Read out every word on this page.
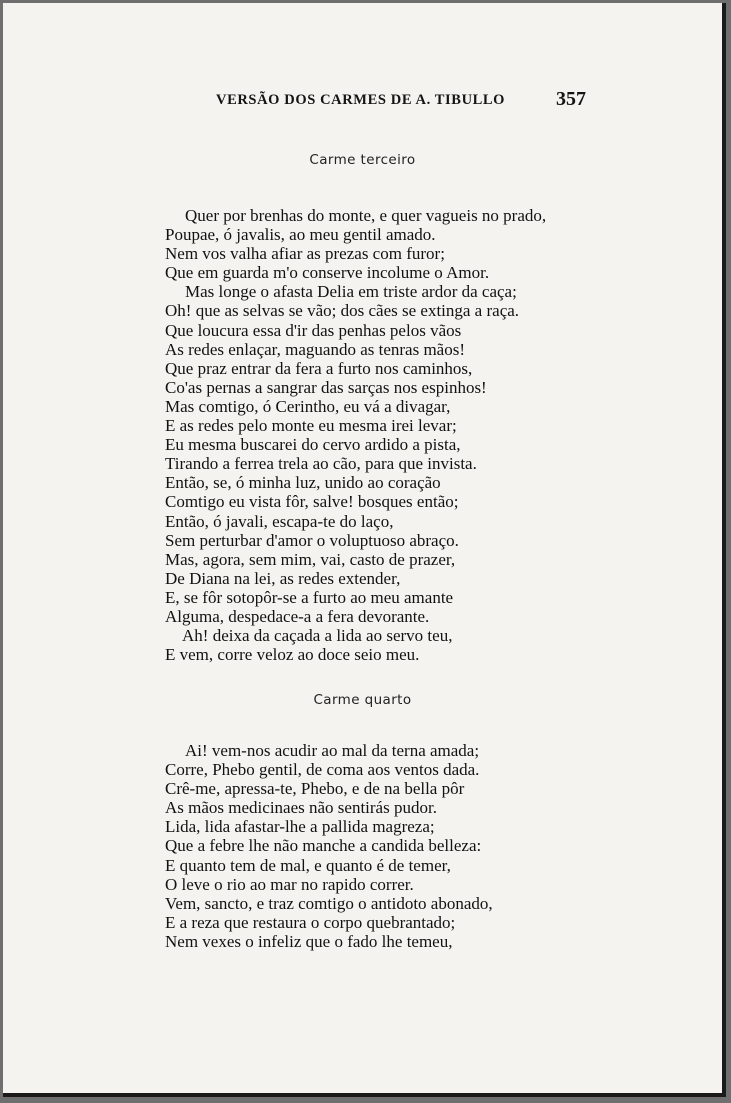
VERSÃO DOS CARMES DE A. TIBULLO	357
Carme terceiro
Quer por brenhas do monte, e quer vagueis no prado,
Poupae, ó javalis, ao meu gentil amado.
Nem vos valha afiar as prezas com furor;
Que em guarda m'o conserve incolume o Amor.
Mas longe o afasta Delia em triste ardor da caça;
Oh! que as selvas se vão; dos cães se extinga a raça.
Que loucura essa d'ir das penhas pelos vãos
As redes enlaçar, maguando as tenras mãos!
Que praz entrar da fera a furto nos caminhos,
Co'as pernas a sangrar das sarças nos espinhos!
Mas comtigo, ó Cerintho, eu vá a divagar,
E as redes pelo monte eu mesma irei levar;
Eu mesma buscarei do cervo ardido a pista,
Tirando a ferrea trela ao cão, para que invista.
Então, se, ó minha luz, unido ao coração
Comtigo eu vista fôr, salve! bosques então;
Então, ó javali, escapa-te do laço,
Sem perturbar d'amor o voluptuoso abraço.
Mas, agora, sem mim, vai, casto de prazer,
De Diana na lei, as redes extender,
E, se fôr sotopôr-se a furto ao meu amante
Alguma, despedace-a a fera devorante.
Ah! deixa da caçada a lida ao servo teu,
E vem, corre veloz ao doce seio meu.
Carme quarto
Ai! vem-nos acudir ao mal da terna amada;
Corre, Phebo gentil, de coma aos ventos dada.
Crê-me, apressa-te, Phebo, e de na bella pôr
As mãos medicinaes não sentirás pudor.
Lida, lida afastar-lhe a pallida magreza;
Que a febre lhe não manche a candida belleza:
E quanto tem de mal, e quanto é de temer,
O leve o rio ao mar no rapido correr.
Vem, sancto, e traz comtigo o antidoto abonado,
E a reza que restaura o corpo quebrantado;
Nem vexes o infeliz que o fado lhe temeu,
